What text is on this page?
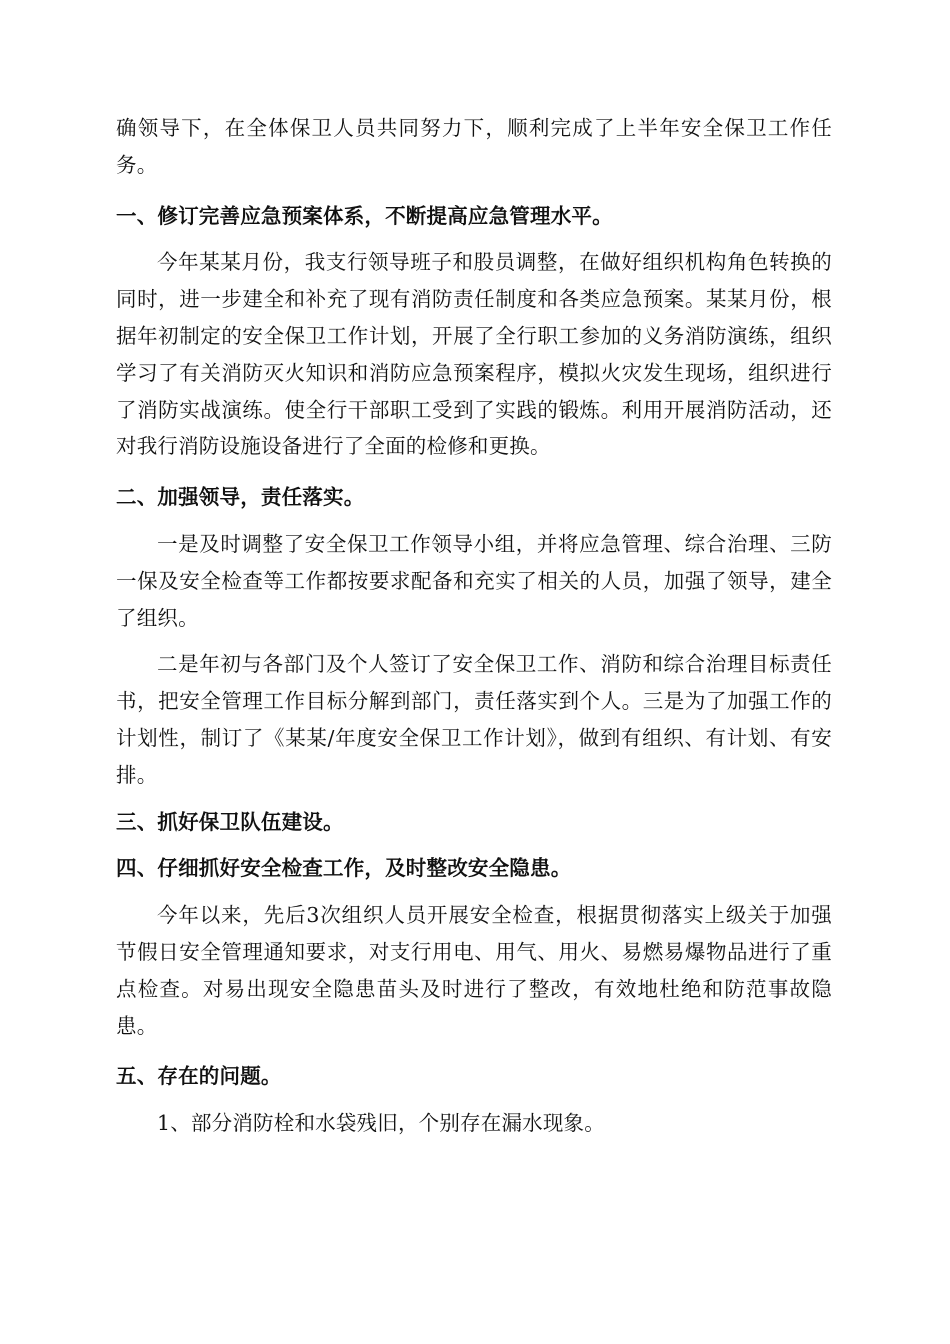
确领导下，在全体保卫人员共同努力下，顺利完成了上半年安全保卫工作任务。

一、修订完善应急预案体系，不断提高应急管理水平。

今年某某月份，我支行领导班子和股员调整，在做好组织机构角色转换的同时，进一步建全和补充了现有消防责任制度和各类应急预案。某某月份，根据年初制定的安全保卫工作计划，开展了全行职工参加的义务消防演练，组织学习了有关消防灭火知识和消防应急预案程序，模拟火灾发生现场，组织进行了消防实战演练。使全行干部职工受到了实践的锻炼。利用开展消防活动，还对我行消防设施设备进行了全面的检修和更换。

二、加强领导，责任落实。

一是及时调整了安全保卫工作领导小组，并将应急管理、综合治理、三防一保及安全检查等工作都按要求配备和充实了相关的人员，加强了领导，建全了组织。

二是年初与各部门及个人签订了安全保卫工作、消防和综合治理目标责任书，把安全管理工作目标分解到部门，责任落实到个人。三是为了加强工作的计划性，制订了《某某/年度安全保卫工作计划》，做到有组织、有计划、有安排。

三、抓好保卫队伍建设。
四、仔细抓好安全检查工作，及时整改安全隐患。

今年以来，先后3次组织人员开展安全检查，根据贯彻落实上级关于加强节假日安全管理通知要求，对支行用电、用气、用火、易燃易爆物品进行了重点检查。对易出现安全隐患苗头及时进行了整改，有效地杜绝和防范事故隐患。

五、存在的问题。

1、部分消防栓和水袋残旧，个别存在漏水现象。
